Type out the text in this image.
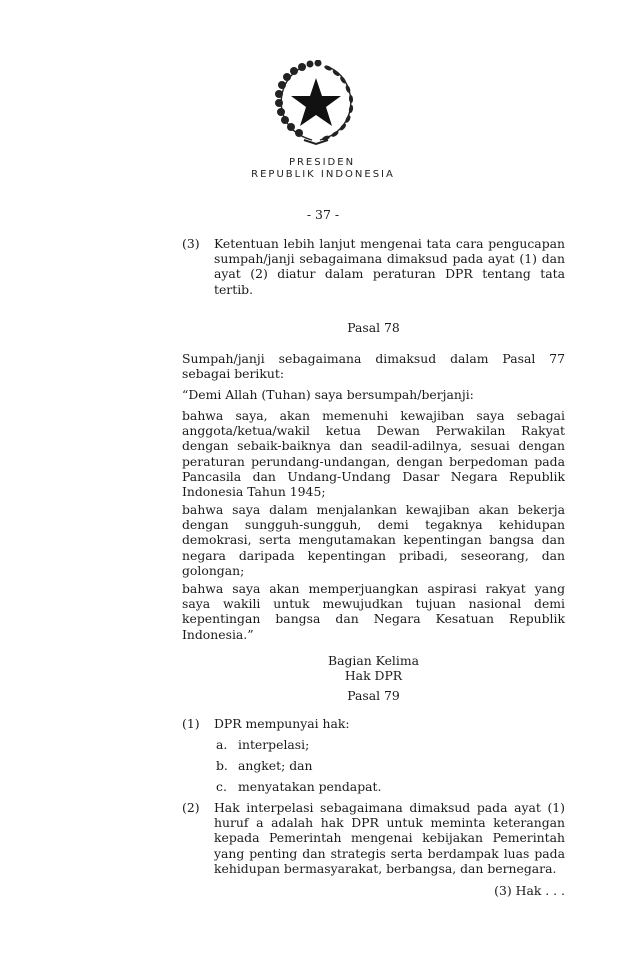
PRESIDEN
REPUBLIK INDONESIA
- 37 -
(3)	Ketentuan lebih lanjut mengenai tata cara pengucapan sumpah/janji sebagaimana dimaksud pada ayat (1) dan ayat (2) diatur dalam peraturan DPR tentang tata tertib.
Pasal 78
Sumpah/janji sebagaimana dimaksud dalam Pasal 77 sebagai berikut:
“Demi Allah (Tuhan) saya bersumpah/berjanji:
bahwa saya, akan memenuhi kewajiban saya sebagai anggota/ketua/wakil ketua Dewan Perwakilan Rakyat dengan sebaik-baiknya dan seadil-adilnya, sesuai dengan peraturan perundang-undangan, dengan berpedoman pada Pancasila dan Undang-Undang Dasar Negara Republik Indonesia Tahun 1945;
bahwa saya dalam menjalankan kewajiban akan bekerja dengan sungguh-sungguh, demi tegaknya kehidupan demokrasi, serta mengutamakan kepentingan bangsa dan negara daripada kepentingan pribadi, seseorang, dan golongan;
bahwa saya akan memperjuangkan aspirasi rakyat yang saya wakili untuk mewujudkan tujuan nasional demi kepentingan bangsa dan Negara Kesatuan Republik Indonesia.”
Bagian Kelima
Hak DPR
Pasal 79
(1)	DPR mempunyai hak:
a. interpelasi;
b. angket; dan
c. menyatakan pendapat.
(2)	Hak interpelasi sebagaimana dimaksud pada ayat (1) huruf a adalah hak DPR untuk meminta keterangan kepada Pemerintah mengenai kebijakan Pemerintah yang penting dan strategis serta berdampak luas pada kehidupan bermasyarakat, berbangsa, dan bernegara.
(3) Hak . . .
